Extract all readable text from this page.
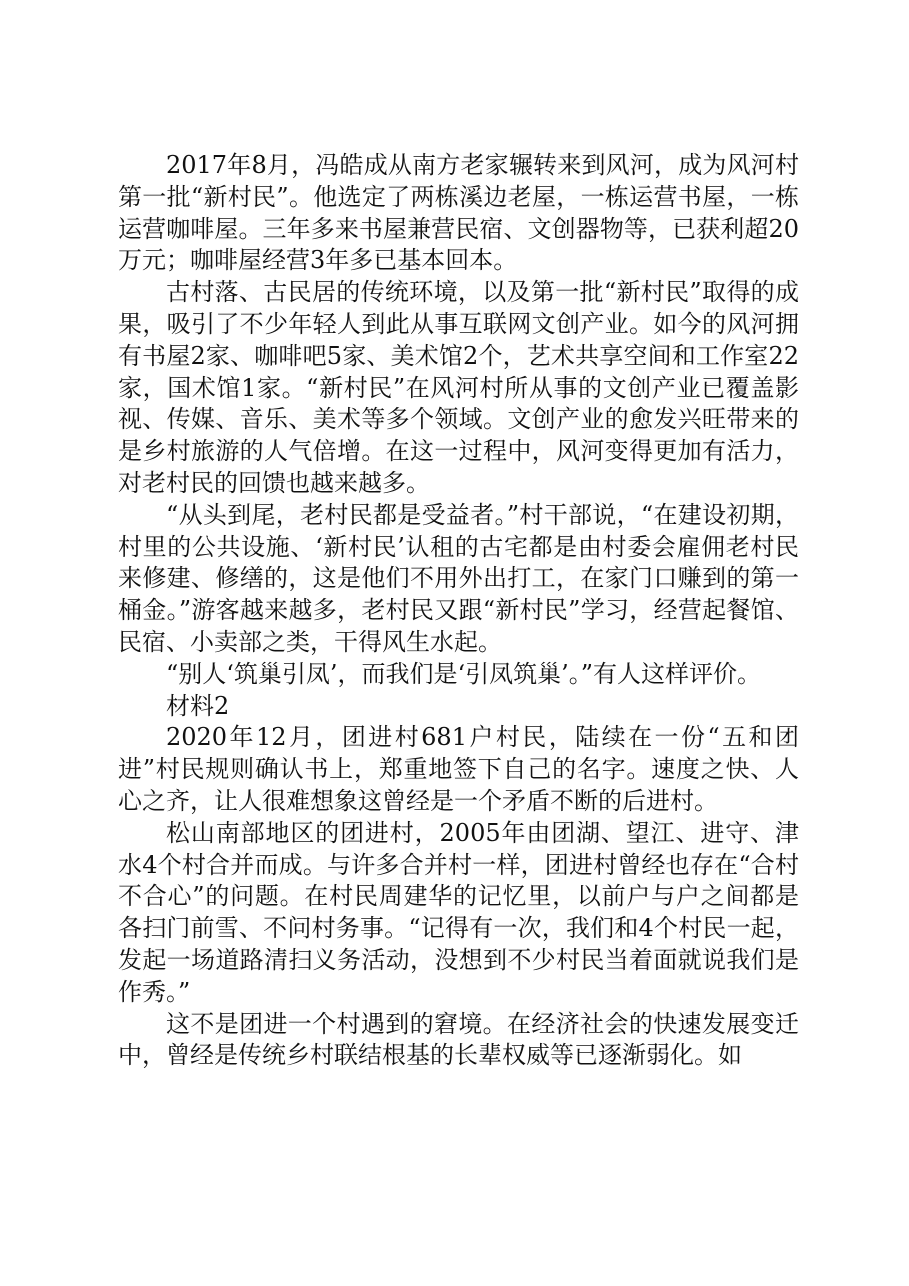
2017年8月，冯皓成从南方老家辗转来到风河，成为风河村第一批“新村民”。他选定了两栋溪边老屋，一栋运营书屋，一栋运营咖啡屋。三年多来书屋兼营民宿、文创器物等，已获利超20万元；咖啡屋经营3年多已基本回本。

古村落、古民居的传统环境，以及第一批“新村民”取得的成果，吸引了不少年轻人到此从事互联网文创产业。如今的风河拥有书屋2家、咖啡吧5家、美术馆2个，艺术共享空间和工作室22家，国术馆1家。“新村民”在风河村所从事的文创产业已覆盖影视、传媒、音乐、美术等多个领域。文创产业的愈发兴旺带来的是乡村旅游的人气倍增。在这一过程中，风河变得更加有活力，对老村民的回馈也越来越多。

“从头到尾，老村民都是受益者。”村干部说，“在建设初期，村里的公共设施、‘新村民’认租的古宅都是由村委会雇佣老村民来修建、修缮的，这是他们不用外出打工，在家门口赚到的第一桶金。”游客越来越多，老村民又跟“新村民”学习，经营起餐馆、民宿、小卖部之类，干得风生水起。

“别人‘筑巢引凤’，而我们是‘引凤筑巢’。”有人这样评价。

材料2

2020年12月，团进村681户村民，陆续在一份“五和团进”村民规则确认书上，郑重地签下自己的名字。速度之快、人心之齐，让人很难想象这曾经是一个矛盾不断的后进村。

松山南部地区的团进村，2005年由团湖、望江、进守、津水4个村合并而成。与许多合并村一样，团进村曾经也存在“合村不合心”的问题。在村民周建华的记忆里，以前户与户之间都是各扫门前雪、不问村务事。“记得有一次，我们和4个村民一起，发起一场道路清扫义务活动，没想到不少村民当着面就说我们是作秀。”

这不是团进一个村遇到的窘境。在经济社会的快速发展变迁中，曾经是传统乡村联结根基的长辈权威等已逐渐弱化。如
